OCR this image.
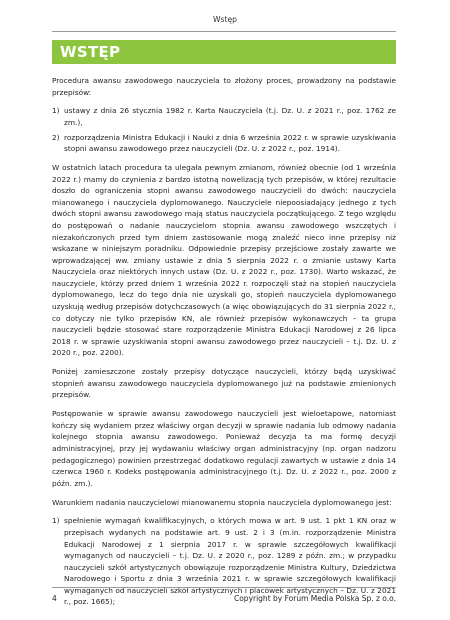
Wstęp
WSTĘP

Procedura awansu zawodowego nauczyciela to złożony proces, prowadzony na podstawie przepisów:

1) ustawy z dnia 26 stycznia 1982 r. Karta Nauczyciela (t.j. Dz. U. z 2021 r., poz. 1762 ze zm.),
2) rozporządzenia Ministra Edukacji i Nauki z dnia 6 września 2022 r. w sprawie uzyskiwania stopni awansu zawodowego przez nauczycieli (Dz. U. z 2022 r., poz. 1914).

W ostatnich latach procedura ta ulegała pewnym zmianom, również obecnie (od 1 września 2022 r.) mamy do czynienia z bardzo istotną nowelizacją tych przepisów, w której rezultacie doszło do ograniczenia stopni awansu zawodowego nauczycieli do dwóch: nauczyciela mianowanego i nauczyciela dyplomowanego. Nauczyciele niepoosiadający jednego z tych dwóch stopni awansu zawodowego mają status nauczyciela początkującego. Z tego względu do postępowań o nadanie nauczycielom stopnia awansu zawodowego wszczętych i niezakończonych przed tym dniem zastosowanie mogą znaleźć nieco inne przepisy niż wskazane w niniejszym poradniku. Odpowiednie przepisy przejściowe zostały zawarte we wprowadzającej ww. zmiany ustawie z dnia 5 sierpnia 2022 r. o zmianie ustawy Karta Nauczyciela oraz niektórych innych ustaw (Dz. U. z 2022 r., poz. 1730). Warto wskazać, że nauczyciele, którzy przed dniem 1 września 2022 r. rozpoczęli staż na stopień nauczyciela dyplomowanego, lecz do tego dnia nie uzyskali go, stopień nauczyciela dyplomowanego uzyskują według przepisów dotychczasowych (a więc obowiązujących do 31 sierpnia 2022 r., co dotyczy nie tylko przepisów KN, ale również przepisów wykonawczych – ta grupa nauczycieli będzie stosować stare rozporządzenie Ministra Edukacji Narodowej z 26 lipca 2018 r. w sprawie uzyskiwania stopni awansu zawodowego przez nauczycieli – t.j. Dz. U. z 2020 r., poz. 2200).

Poniżej zamieszczone zostały przepisy dotyczące nauczycieli, którzy będą uzyskiwać stopnień awansu zawodowego nauczyciela dyplomowanego już na podstawie zmienionych przepisów.

Postępowanie w sprawie awansu zawodowego nauczycieli jest wieloetapowe, natomiast kończy się wydaniem przez właściwy organ decyzji w sprawie nadania lub odmowy nadania kolejnego stopnia awansu zawodowego. Ponieważ decyzja ta ma formę decyzji administracyjnej, przy jej wydawaniu właściwy organ administracyjny (np. organ nadzoru pedagogicznego) powinien przestrzegać dodatkowo regulacji zawartych w ustawie z dnia 14 czerwca 1960 r. Kodeks postępowania administracyjnego (t.j. Dz. U. z 2022 r., poz. 2000 z późn. zm.).

Warunkiem nadania nauczycielowi mianowanemu stopnia nauczyciela dyplomowanego jest:

1) spełnienie wymagań kwalifikacyjnych, o których mowa w art. 9 ust. 1 pkt 1 KN oraz w przepisach wydanych na podstawie art. 9 ust. 2 i 3 (m.in. rozporządzenie Ministra Edukacji Narodowej z 1 sierpnia 2017 r. w sprawie szczegółowych kwalifikacji wymaganych od nauczycieli – t.j. Dz. U. z 2020 r., poz. 1289 z późn. zm.; w przypadku nauczycieli szkół artystycznych obowiązuje rozporządzenie Ministra Kultury, Dziedzictwa Narodowego i Sportu z dnia 3 września 2021 r. w sprawie szczegółowych kwalifikacji wymaganych od nauczycieli szkół artystycznych i placówek artystycznych – Dz. U. z 2021 r., poz. 1665);
4	Copyright by Forum Media Polska Sp. z o.o.
